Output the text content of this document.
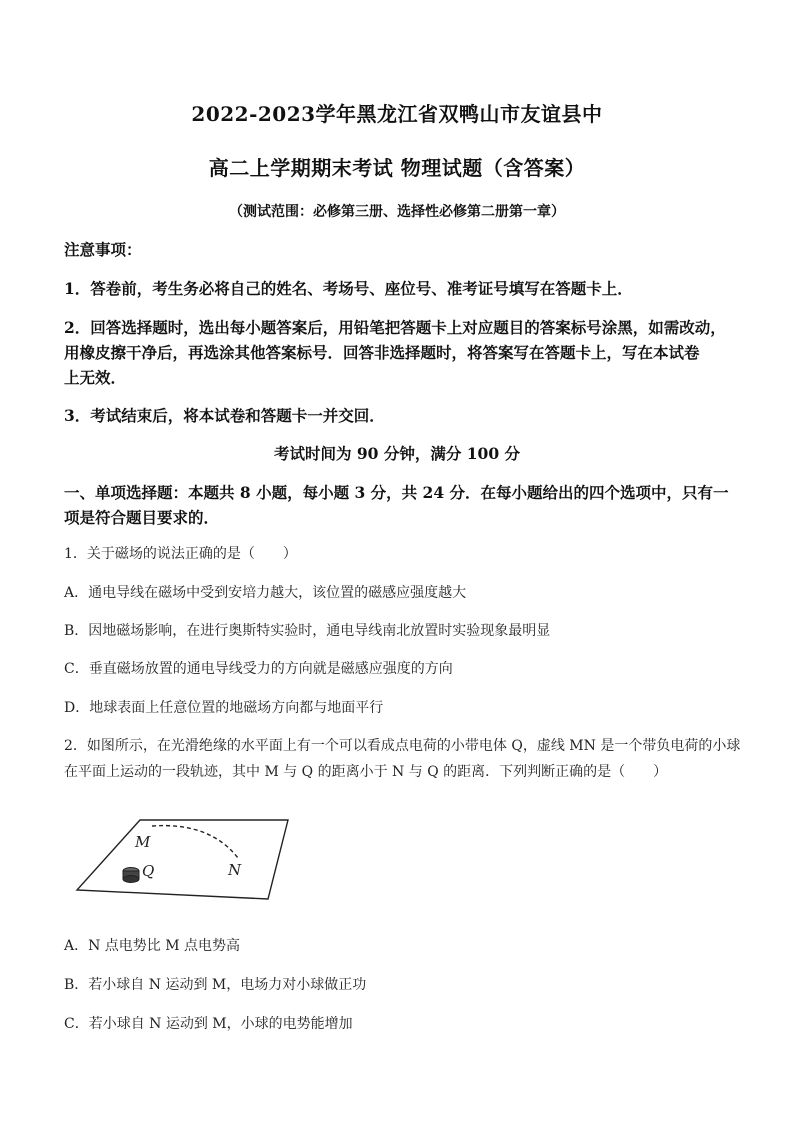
2022-2023学年黑龙江省双鸭山市友谊县中
高二上学期期末考试 物理试题（含答案）
（测试范围：必修第三册、选择性必修第二册第一章）
注意事项：
1．答卷前，考生务必将自己的姓名、考场号、座位号、准考证号填写在答题卡上．
2．回答选择题时，选出每小题答案后，用铅笔把答题卡上对应题目的答案标号涂黑，如需改动，
用橡皮擦干净后，再选涂其他答案标号．回答非选择题时，将答案写在答题卡上，写在本试卷
上无效．
3．考试结束后，将本试卷和答题卡一并交回．
考试时间为 90 分钟，满分 100 分
一、单项选择题：本题共 8 小题，每小题 3 分，共 24 分．在每小题给出的四个选项中，只有一
项是符合题目要求的．
1．关于磁场的说法正确的是（　　）
A．通电导线在磁场中受到安培力越大，该位置的磁感应强度越大
B．因地磁场影响，在进行奥斯特实验时，通电导线南北放置时实验现象最明显
C．垂直磁场放置的通电导线受力的方向就是磁感应强度的方向
D．地球表面上任意位置的地磁场方向都与地面平行
2．如图所示，在光滑绝缘的水平面上有一个可以看成点电荷的小带电体 Q，虚线 MN 是一个带负电荷的小球
在平面上运动的一段轨迹，其中 M 与 Q 的距离小于 N 与 Q 的距离．下列判断正确的是（　　）
M
Q	N
A．N 点电势比 M 点电势高
B．若小球自 N 运动到 M，电场力对小球做正功
C．若小球自 N 运动到 M，小球的电势能增加
